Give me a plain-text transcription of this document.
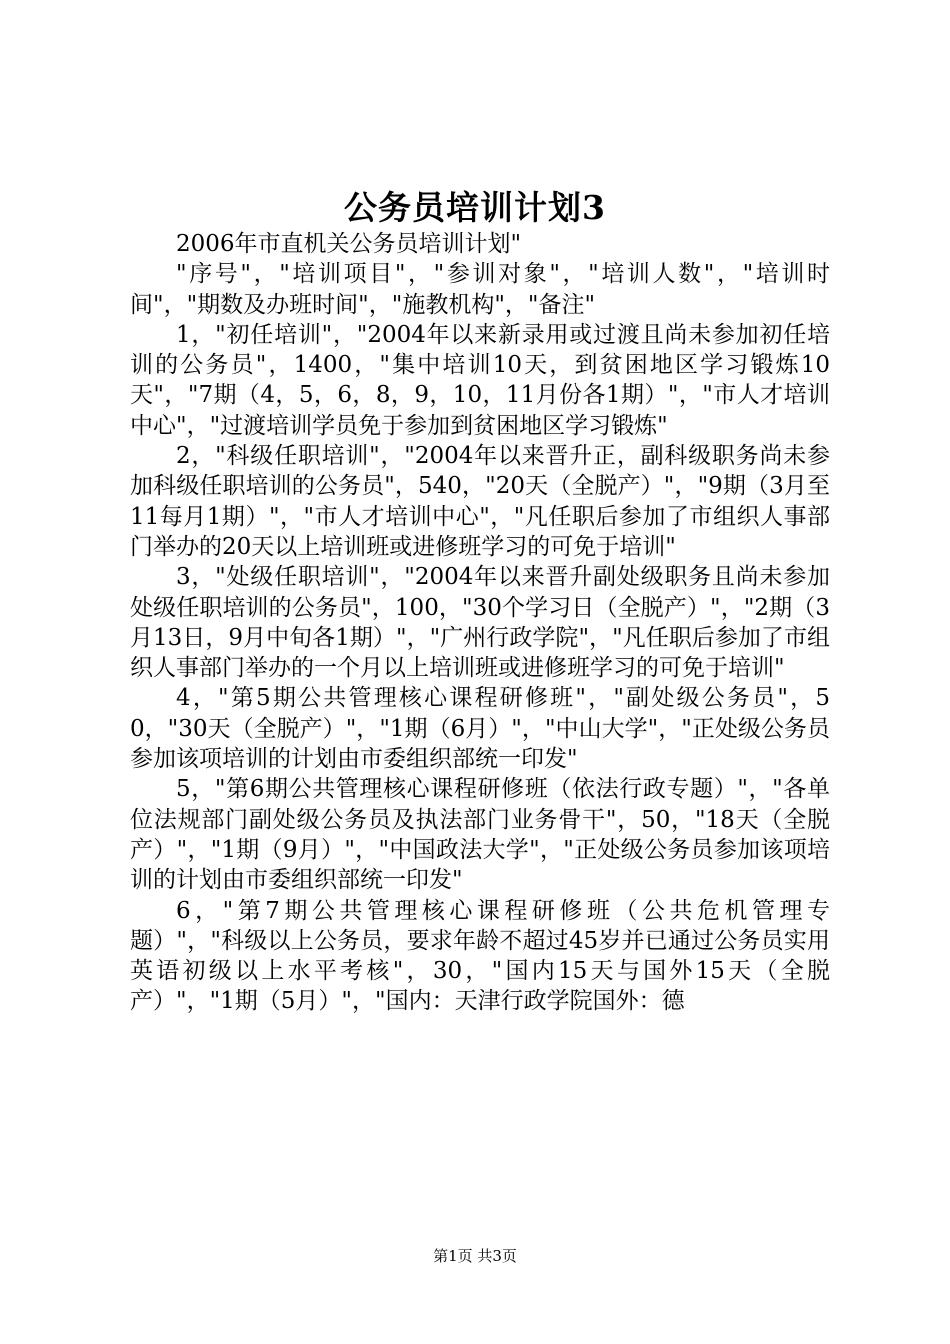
公务员培训计划3

2006年市直机关公务员培训计划"

"序号"，"培训项目"，"参训对象"，"培训人数"，"培训时间"，"期数及办班时间"，"施教机构"，"备注"

1，"初任培训"，"2004年以来新录用或过渡且尚未参加初任培训的公务员"，1400，"集中培训10天，到贫困地区学习锻炼10天"，"7期（4，5，6，8，9，10，11月份各1期）"，"市人才培训中心"，"过渡培训学员免于参加到贫困地区学习锻炼"

2，"科级任职培训"，"2004年以来晋升正，副科级职务尚未参加科级任职培训的公务员"，540，"20天（全脱产）"，"9期（3月至11每月1期）"，"市人才培训中心"，"凡任职后参加了市组织人事部门举办的20天以上培训班或进修班学习的可免于培训"

3，"处级任职培训"，"2004年以来晋升副处级职务且尚未参加处级任职培训的公务员"，100，"30个学习日（全脱产）"，"2期（3月13日，9月中旬各1期）"，"广州行政学院"，"凡任职后参加了市组织人事部门举办的一个月以上培训班或进修班学习的可免于培训"

4，"第5期公共管理核心课程研修班"，"副处级公务员"，50，"30天（全脱产）"，"1期（6月）"，"中山大学"，"正处级公务员参加该项培训的计划由市委组织部统一印发"

5，"第6期公共管理核心课程研修班（依法行政专题）"，"各单位法规部门副处级公务员及执法部门业务骨干"，50，"18天（全脱产）"，"1期（9月）"，"中国政法大学"，"正处级公务员参加该项培训的计划由市委组织部统一印发"

6，"第7期公共管理核心课程研修班（公共危机管理专题）"，"科级以上公务员，要求年龄不超过45岁并已通过公务员实用英语初级以上水平考核"，30，"国内15天与国外15天（全脱产）"，"1期（5月）"，"国内：天津行政学院国外：德

第1页 共3页
